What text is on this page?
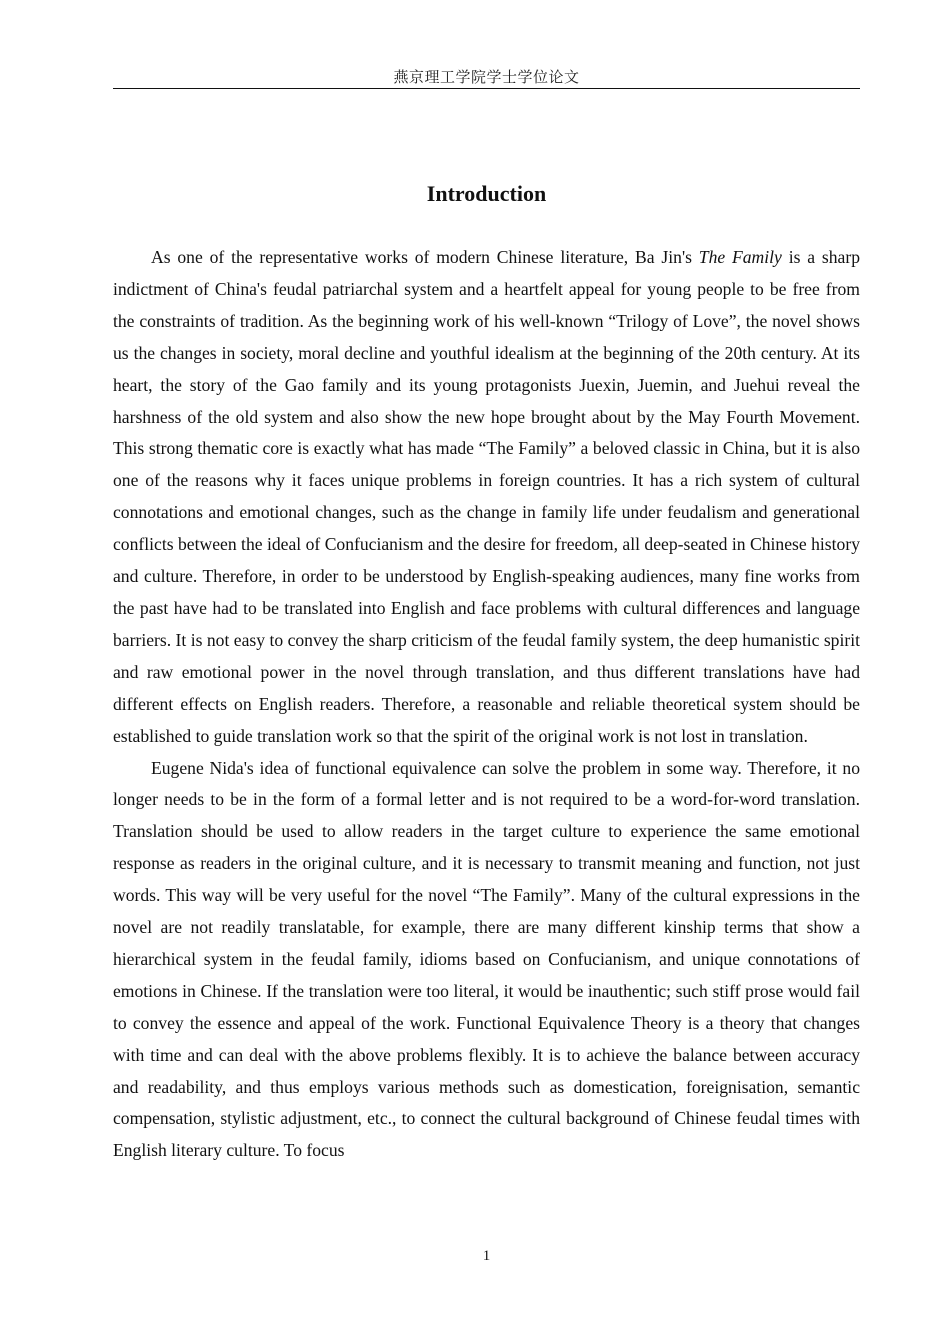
燕京理工学院学士学位论文
Introduction

As one of the representative works of modern Chinese literature, Ba Jin's The Family is a sharp indictment of China's feudal patriarchal system and a heartfelt appeal for young people to be free from the constraints of tradition. As the beginning work of his well-known “Trilogy of Love”, the novel shows us the changes in society, moral decline and youthful idealism at the beginning of the 20th century. At its heart, the story of the Gao family and its young protagonists Juexin, Juemin, and Juehui reveal the harshness of the old system and also show the new hope brought about by the May Fourth Movement. This strong thematic core is exactly what has made “The Family” a beloved classic in China, but it is also one of the reasons why it faces unique problems in foreign countries. It has a rich system of cultural connotations and emotional changes, such as the change in family life under feudalism and generational conflicts between the ideal of Confucianism and the desire for freedom, all deep-seated in Chinese history and culture. Therefore, in order to be understood by English-speaking audiences, many fine works from the past have had to be translated into English and face problems with cultural differences and language barriers. It is not easy to convey the sharp criticism of the feudal family system, the deep humanistic spirit and raw emotional power in the novel through translation, and thus different translations have had different effects on English readers. Therefore, a reasonable and reliable theoretical system should be established to guide translation work so that the spirit of the original work is not lost in translation.

Eugene Nida's idea of functional equivalence can solve the problem in some way. Therefore, it no longer needs to be in the form of a formal letter and is not required to be a word-for-word translation. Translation should be used to allow readers in the target culture to experience the same emotional response as readers in the original culture, and it is necessary to transmit meaning and function, not just words. This way will be very useful for the novel “The Family”. Many of the cultural expressions in the novel are not readily translatable, for example, there are many different kinship terms that show a hierarchical system in the feudal family, idioms based on Confucianism, and unique connotations of emotions in Chinese. If the translation were too literal, it would be inauthentic; such stiff prose would fail to convey the essence and appeal of the work. Functional Equivalence Theory is a theory that changes with time and can deal with the above problems flexibly. It is to achieve the balance between accuracy and readability, and thus employs various methods such as domestication, foreignisation, semantic compensation, stylistic adjustment, etc., to connect the cultural background of Chinese feudal times with English literary culture. To focus

1
